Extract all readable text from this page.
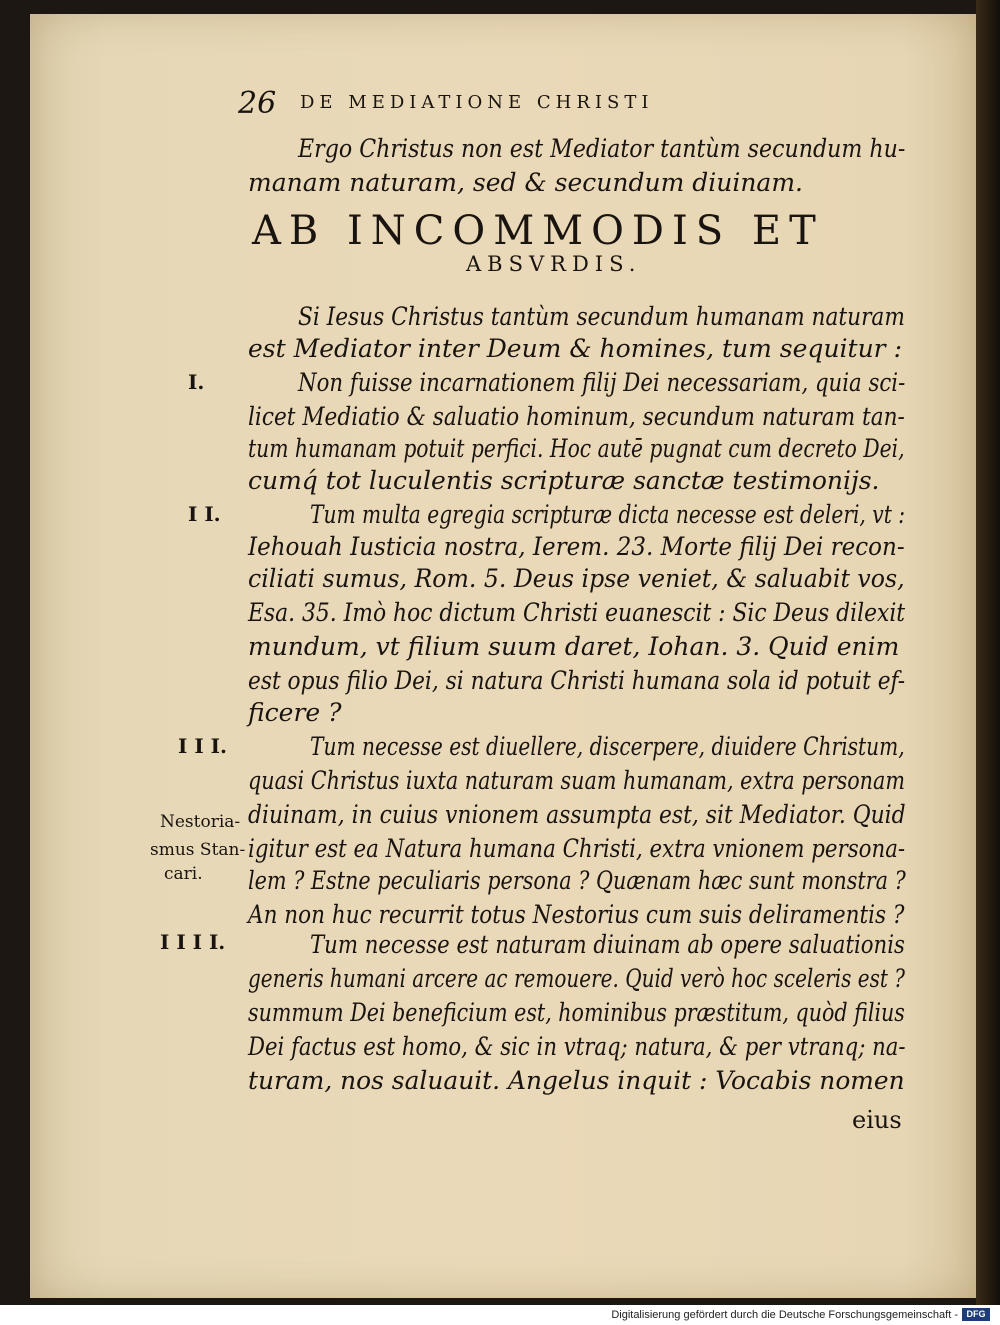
26 DE MEDIATIONE CHRISTI
Ergo Christus non est Mediator tantùm secundum hu-
manam naturam, sed & secundum diuinam.
AB INCOMMODIS ET
ABSVRDIS.
Si Iesus Christus tantùm secundum humanam naturam
est Mediator inter Deum & homines, tum sequitur :
I.	Non fuisse incarnationem filij Dei necessariam, quia sci-
licet Mediatio & saluatio hominum, secundum naturam tan-
tum humanam potuit perfici. Hoc autē pugnat cum decreto Dei,
cumq́ tot luculentis scripturæ sanctæ testimonijs.
I I.	Tum multa egregia scripturæ dicta necesse est deleri, vt :
Iehouah Iusticia nostra, Ierem. 23. Morte filij Dei recon-
ciliati sumus, Rom. 5. Deus ipse veniet, & saluabit vos,
Esa. 35. Imò hoc dictum Christi euanescit : Sic Deus dilexit
mundum, vt filium suum daret, Iohan. 3. Quid enim
est opus filio Dei, si natura Christi humana sola id potuit ef-
ficere ?
I I I.	Tum necesse est diuellere, discerpere, diuidere Christum,
quasi Christus iuxta naturam suam humanam, extra personam
diuinam, in cuius vnionem assumpta est, sit Mediator. Quid
igitur est ea Natura humana Christi, extra vnionem persona-
lem ? Estne peculiaris persona ? Quænam hæc sunt monstra ?
An non huc recurrit totus Nestorius cum suis deliramentis ?
Nestoria-
smus Stan-
cari.
I I I I.	Tum necesse est naturam diuinam ab opere saluationis
generis humani arcere ac remouere. Quid verò hoc sceleris est ?
summum Dei beneficium est, hominibus præstitum, quòd filius
Dei factus est homo, & sic in vtraq; natura, & per vtranq; na-
turam, nos saluauit. Angelus inquit : Vocabis nomen
eius
Digitalisierung gefördert durch die Deutsche Forschungsgemeinschaft - DFG
